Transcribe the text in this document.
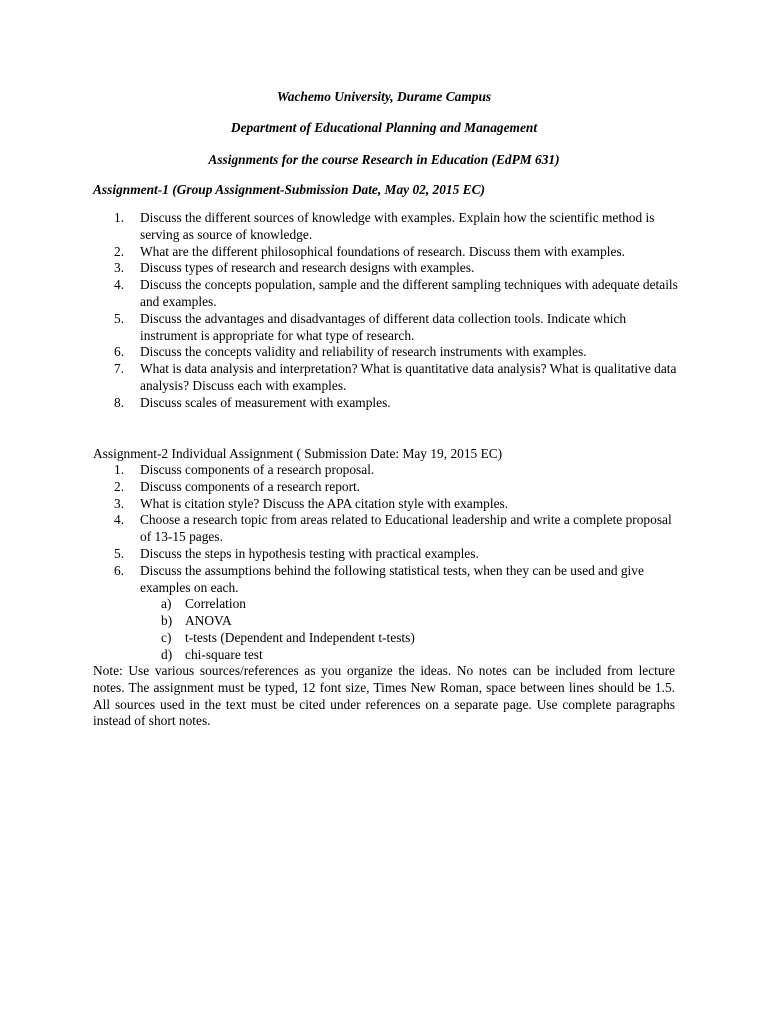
Wachemo University, Durame Campus
Department of Educational Planning and Management
Assignments for the course Research in Education (EdPM 631)
Assignment-1 (Group Assignment-Submission Date, May 02, 2015 EC)
1. Discuss the different sources of knowledge with examples. Explain how the scientific method is serving as source of knowledge.
2. What are the different philosophical foundations of research. Discuss them with examples.
3. Discuss types of research and research designs with examples.
4. Discuss the concepts population, sample and the different sampling techniques with adequate details and examples.
5. Discuss the advantages and disadvantages of different data collection tools. Indicate which instrument is appropriate for what type of research.
6. Discuss the concepts validity and reliability of research instruments with examples.
7. What is data analysis and interpretation? What is quantitative data analysis? What is qualitative data analysis? Discuss each with examples.
8. Discuss scales of measurement with examples.
Assignment-2 Individual Assignment ( Submission Date: May 19, 2015 EC)
1. Discuss components of a research proposal.
2. Discuss components of a research report.
3. What is citation style? Discuss the APA citation style with examples.
4. Choose a research topic from areas related to Educational leadership and write a complete proposal of 13-15 pages.
5. Discuss the steps in hypothesis testing with practical examples.
6. Discuss the assumptions behind the following statistical tests, when they can be used and give examples on each.
a) Correlation
b) ANOVA
c) t-tests (Dependent and Independent t-tests)
d) chi-square test
Note: Use various sources/references as you organize the ideas. No notes can be included from lecture notes. The assignment must be typed, 12 font size, Times New Roman, space between lines should be 1.5. All sources used in the text must be cited under references on a separate page. Use complete paragraphs instead of short notes.
